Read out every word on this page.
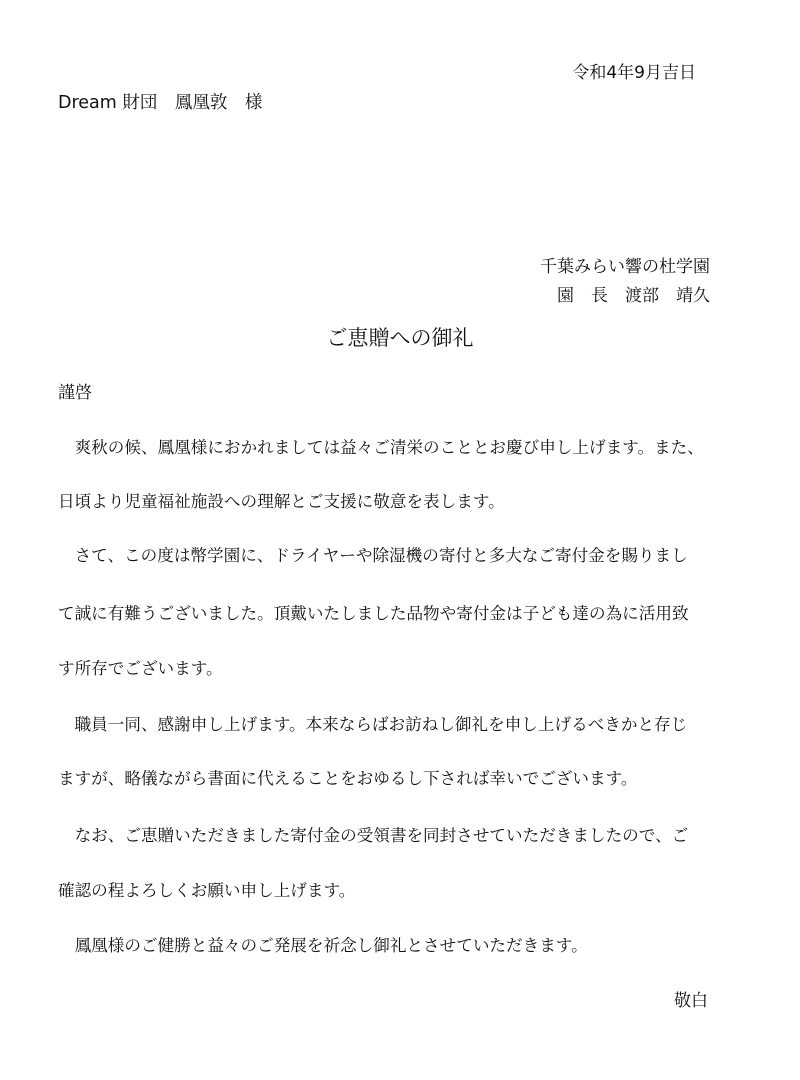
令和4年9月吉日
Dream 財団　鳳凰敦　様
千葉みらい響の杜学園
園　長　渡部　靖久
ご恵贈への御礼
謹啓
　爽秋の候、鳳凰様におかれましては益々ご清栄のこととお慶び申し上げます。また、
日頃より児童福祉施設への理解とご支援に敬意を表します。
　さて、この度は幣学園に、ドライヤーや除湿機の寄付と多大なご寄付金を賜りまし
て誠に有難うございました。頂戴いたしました品物や寄付金は子ども達の為に活用致
す所存でございます。
　職員一同、感謝申し上げます。本来ならばお訪ねし御礼を申し上げるべきかと存じ
ますが、略儀ながら書面に代えることをおゆるし下されば幸いでございます。
　なお、ご恵贈いただきました寄付金の受領書を同封させていただきましたので、ご
確認の程よろしくお願い申し上げます。
　鳳凰様のご健勝と益々のご発展を祈念し御礼とさせていただきます。
敬白
